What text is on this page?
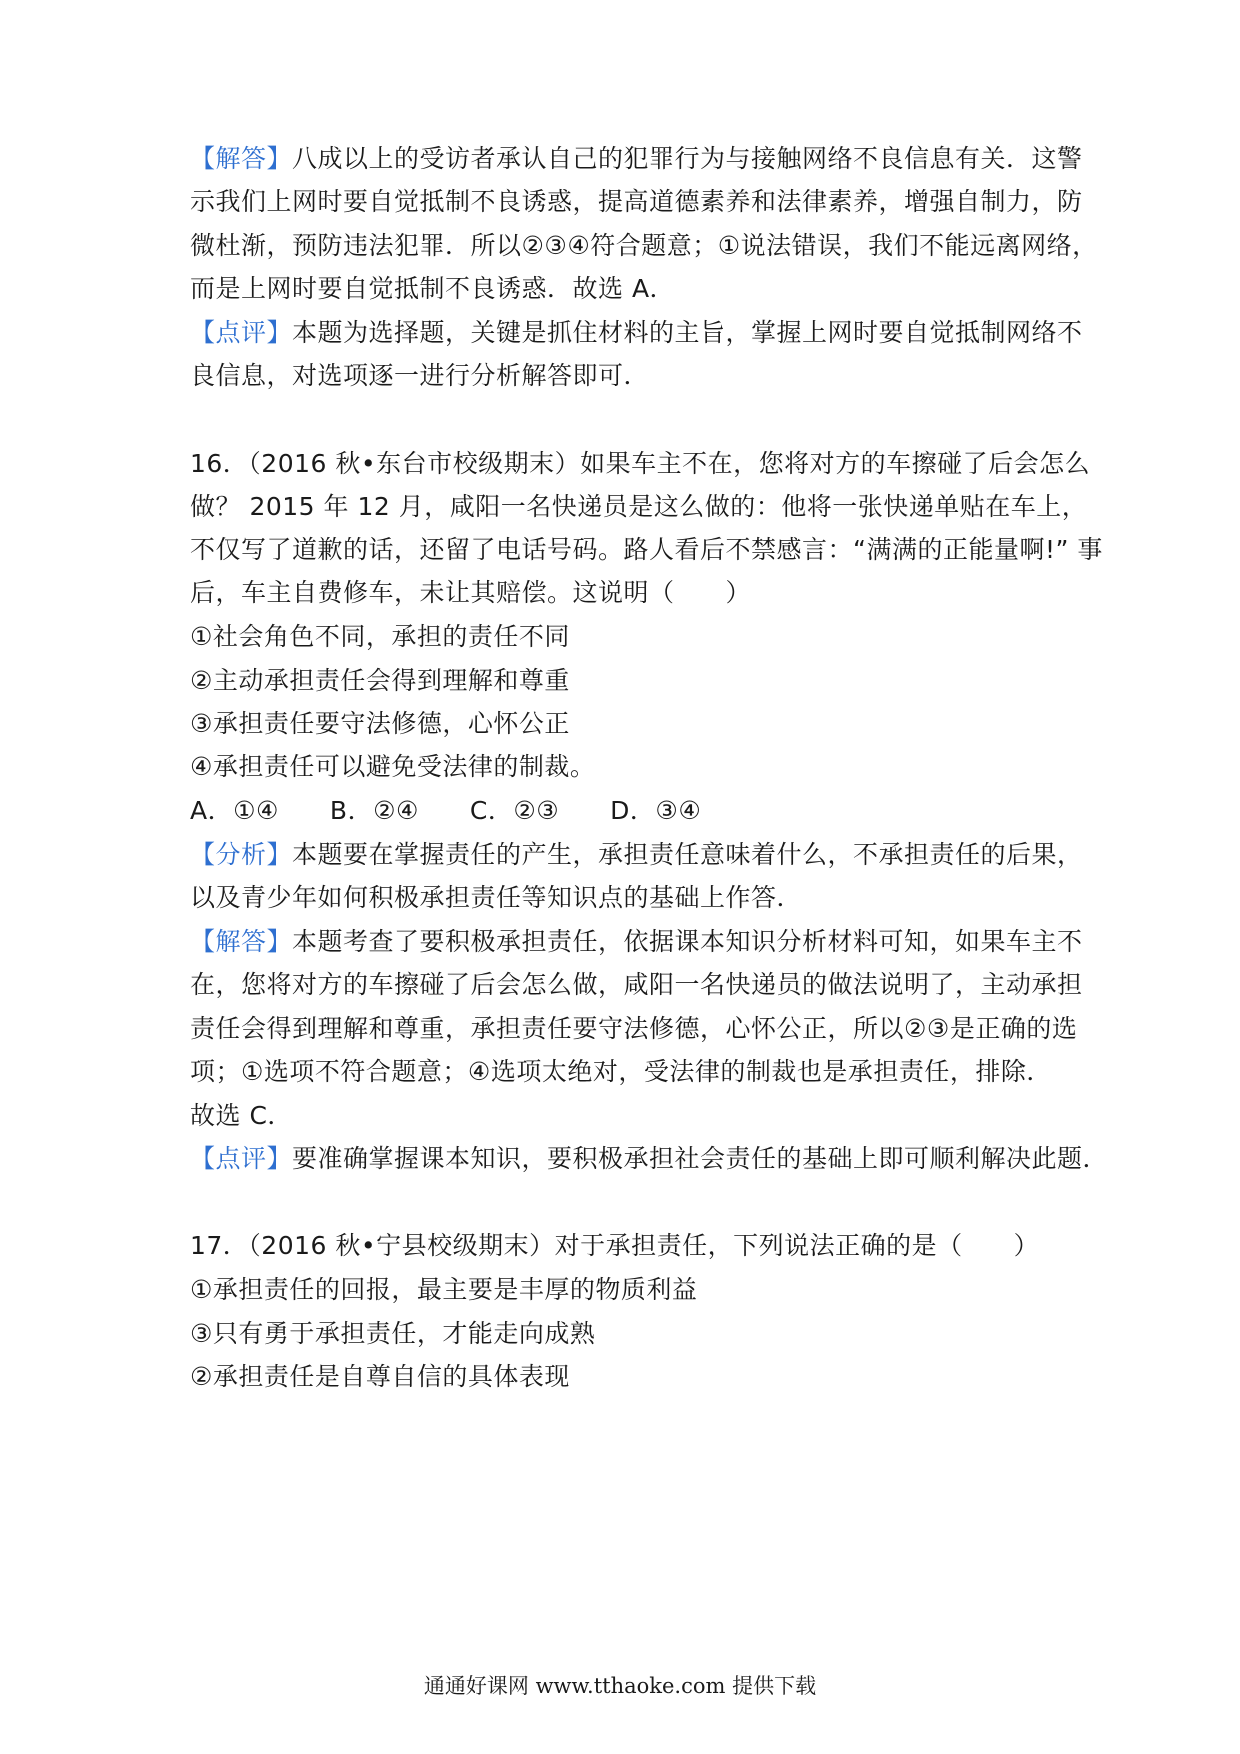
【解答】八成以上的受访者承认自己的犯罪行为与接触网络不良信息有关．这警
示我们上网时要自觉抵制不良诱惑，提高道德素养和法律素养，增强自制力，防
微杜渐，预防违法犯罪．所以②③④符合题意；①说法错误，我们不能远离网络，
而是上网时要自觉抵制不良诱惑．故选 A．
【点评】本题为选择题，关键是抓住材料的主旨，掌握上网时要自觉抵制网络不
良信息，对选项逐一进行分析解答即可．
16．（2016 秋•东台市校级期末）如果车主不在，您将对方的车擦碰了后会怎么
做？ 2015 年 12 月，咸阳一名快递员是这么做的：他将一张快递单贴在车上，
不仅写了道歉的话，还留了电话号码。路人看后不禁感言：“满满的正能量啊!” 事
后，车主自费修车，未让其赔偿。这说明（　　）
①社会角色不同，承担的责任不同
②主动承担责任会得到理解和尊重
③承担责任要守法修德，心怀公正
④承担责任可以避免受法律的制裁。
A．①④　　B．②④　　C．②③　　D．③④
【分析】本题要在掌握责任的产生，承担责任意味着什么，不承担责任的后果，
以及青少年如何积极承担责任等知识点的基础上作答．
【解答】本题考查了要积极承担责任，依据课本知识分析材料可知，如果车主不
在，您将对方的车擦碰了后会怎么做，咸阳一名快递员的做法说明了，主动承担
责任会得到理解和尊重，承担责任要守法修德，心怀公正，所以②③是正确的选
项；①选项不符合题意；④选项太绝对，受法律的制裁也是承担责任，排除．
故选 C．
【点评】要准确掌握课本知识，要积极承担社会责任的基础上即可顺利解决此题．
17．（2016 秋•宁县校级期末）对于承担责任，下列说法正确的是（　　）
①承担责任的回报，最主要是丰厚的物质利益
③只有勇于承担责任，才能走向成熟
②承担责任是自尊自信的具体表现
通通好课网 www.tthaoke.com 提供下载
